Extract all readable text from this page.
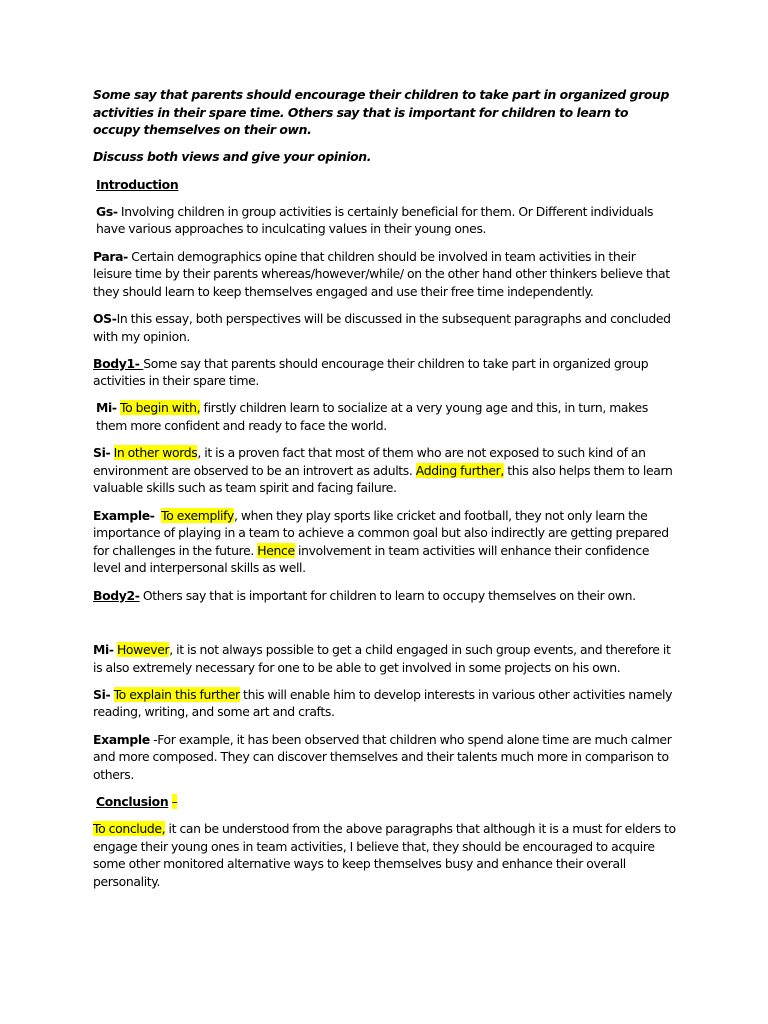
Some say that parents should encourage their children to take part in organized group activities in their spare time. Others say that is important for children to learn to occupy themselves on their own.

Discuss both views and give your opinion.

Introduction

Gs- Involving children in group activities is certainly beneficial for them. Or Different individuals have various approaches to inculcating values in their young ones.

Para- Certain demographics opine that children should be involved in team activities in their leisure time by their parents whereas/however/while/ on the other hand other thinkers believe that they should learn to keep themselves engaged and use their free time independently.

OS-In this essay, both perspectives will be discussed in the subsequent paragraphs and concluded with my opinion.

Body1- Some say that parents should encourage their children to take part in organized group activities in their spare time.

Mi- To begin with, firstly children learn to socialize at a very young age and this, in turn, makes them more confident and ready to face the world.

Si- In other words, it is a proven fact that most of them who are not exposed to such kind of an environment are observed to be an introvert as adults. Adding further, this also helps them to learn valuable skills such as team spirit and facing failure.

Example- To exemplify, when they play sports like cricket and football, they not only learn the importance of playing in a team to achieve a common goal but also indirectly are getting prepared for challenges in the future. Hence involvement in team activities will enhance their confidence level and interpersonal skills as well.

Body2- Others say that is important for children to learn to occupy themselves on their own.

Mi- However, it is not always possible to get a child engaged in such group events, and therefore it is also extremely necessary for one to be able to get involved in some projects on his own.

Si- To explain this further this will enable him to develop interests in various other activities namely reading, writing, and some art and crafts.

Example -For example, it has been observed that children who spend alone time are much calmer and more composed. They can discover themselves and their talents much more in comparison to others.

Conclusion –

To conclude, it can be understood from the above paragraphs that although it is a must for elders to engage their young ones in team activities, I believe that, they should be encouraged to acquire some other monitored alternative ways to keep themselves busy and enhance their overall personality.
